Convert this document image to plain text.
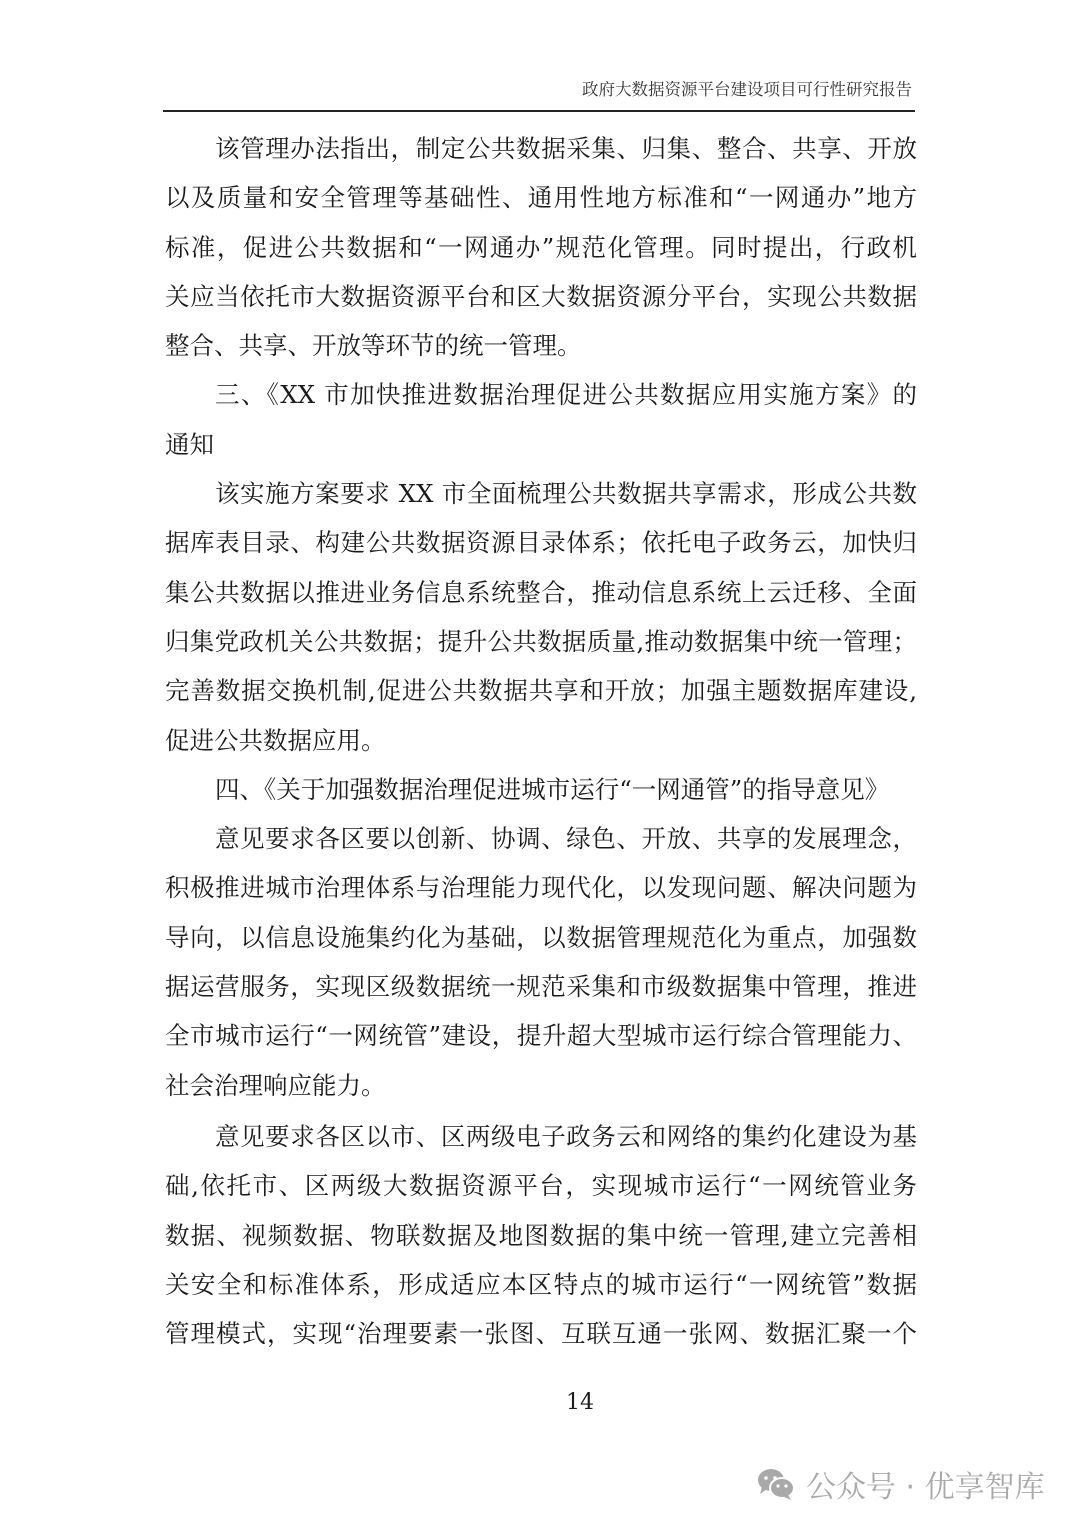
政府大数据资源平台建设项目可行性研究报告
该管理办法指出，制定公共数据采集、归集、整合、共享、开放
以及质量和安全管理等基础性、通用性地方标准和“一网通办”地方
标准，促进公共数据和“一网通办”规范化管理。同时提出，行政机
关应当依托市大数据资源平台和区大数据资源分平台，实现公共数据
整合、共享、开放等环节的统一管理。
三、《XX 市加快推进数据治理促进公共数据应用实施方案》的
通知
该实施方案要求 XX 市全面梳理公共数据共享需求，形成公共数
据库表目录、构建公共数据资源目录体系；依托电子政务云，加快归
集公共数据以推进业务信息系统整合，推动信息系统上云迁移、全面
归集党政机关公共数据；提升公共数据质量,推动数据集中统一管理；
完善数据交换机制,促进公共数据共享和开放；加强主题数据库建设,
促进公共数据应用。
四、《关于加强数据治理促进城市运行“一网通管”的指导意见》
意见要求各区要以创新、协调、绿色、开放、共享的发展理念，
积极推进城市治理体系与治理能力现代化，以发现问题、解决问题为
导向，以信息设施集约化为基础，以数据管理规范化为重点，加强数
据运营服务，实现区级数据统一规范采集和市级数据集中管理，推进
全市城市运行“一网统管”建设，提升超大型城市运行综合管理能力、
社会治理响应能力。
意见要求各区以市、区两级电子政务云和网络的集约化建设为基
础,依托市、区两级大数据资源平台，实现城市运行“一网统管业务
数据、视频数据、物联数据及地图数据的集中统一管理,建立完善相
关安全和标准体系，形成适应本区特点的城市运行“一网统管”数据
管理模式，实现“治理要素一张图、互联互通一张网、数据汇聚一个
14
公众号 · 优享智库
